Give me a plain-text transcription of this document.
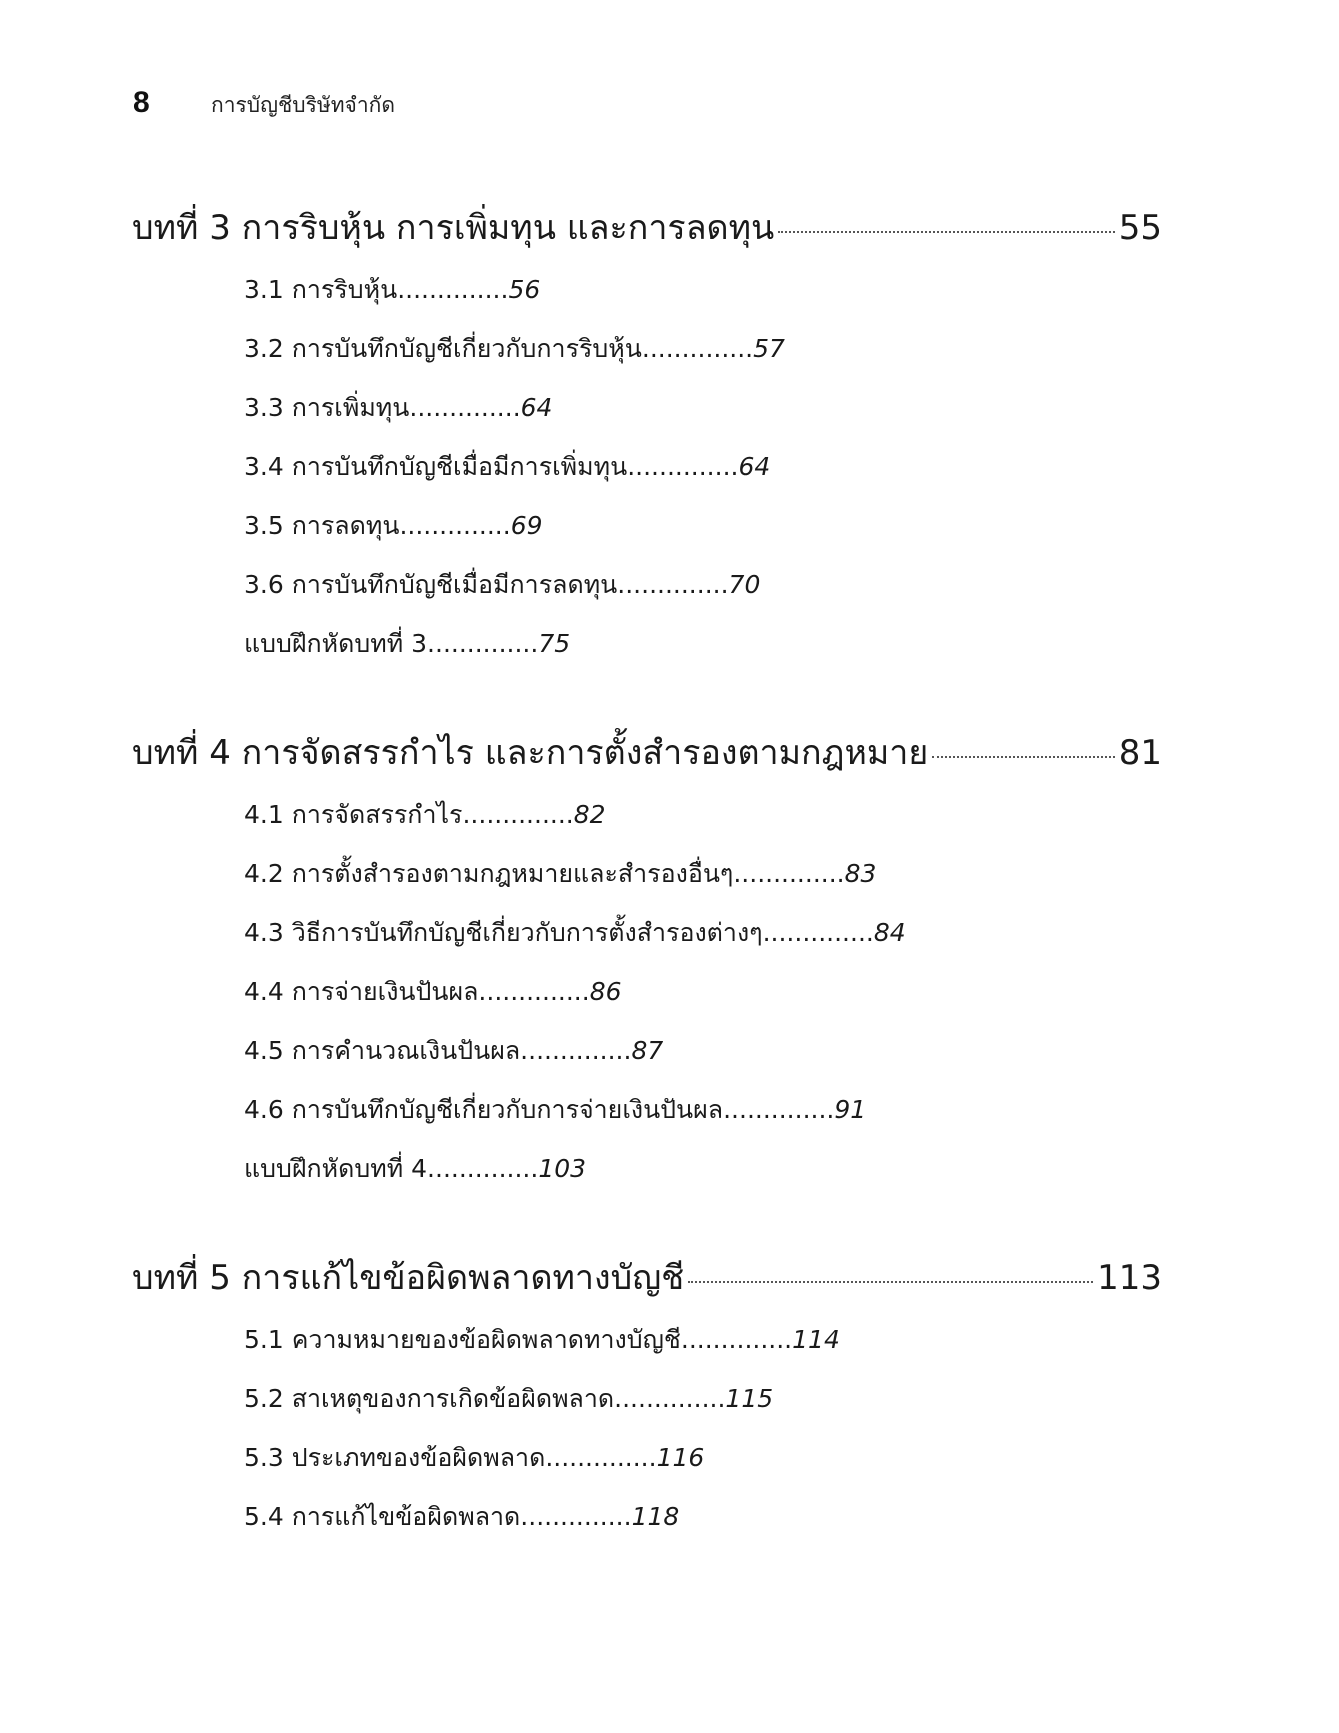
8	การบัญชีบริษัทจำกัด
บทที่ 3 การริบหุ้น การเพิ่มทุน และการลดทุน	55
3.1 การริบหุ้น..............56
3.2 การบันทึกบัญชีเกี่ยวกับการริบหุ้น..............57
3.3 การเพิ่มทุน..............64
3.4 การบันทึกบัญชีเมื่อมีการเพิ่มทุน..............64
3.5 การลดทุน..............69
3.6 การบันทึกบัญชีเมื่อมีการลดทุน..............70
แบบฝึกหัดบทที่ 3..............75
บทที่ 4 การจัดสรรกำไร และการตั้งสำรองตามกฎหมาย	81
4.1 การจัดสรรกำไร..............82
4.2 การตั้งสำรองตามกฎหมายและสำรองอื่นๆ..............83
4.3 วิธีการบันทึกบัญชีเกี่ยวกับการตั้งสำรองต่างๆ..............84
4.4 การจ่ายเงินปันผล..............86
4.5 การคำนวณเงินปันผล..............87
4.6 การบันทึกบัญชีเกี่ยวกับการจ่ายเงินปันผล..............91
แบบฝึกหัดบทที่ 4..............103
บทที่ 5 การแก้ไขข้อผิดพลาดทางบัญชี	113
5.1 ความหมายของข้อผิดพลาดทางบัญชี..............114
5.2 สาเหตุของการเกิดข้อผิดพลาด..............115
5.3 ประเภทของข้อผิดพลาด..............116
5.4 การแก้ไขข้อผิดพลาด..............118
